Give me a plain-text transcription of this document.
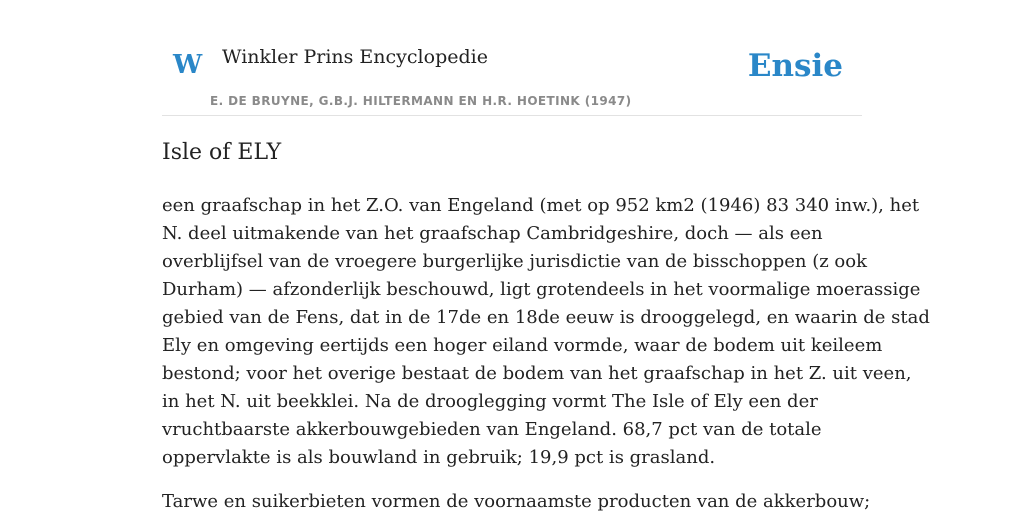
W Winkler Prins Encyclopedie
E. DE BRUYNE, G.B.J. HILTERMANN EN H.R. HOETINK (1947)
Ensie
Isle of ELY

een graafschap in het Z.O. van Engeland (met op 952 km2 (1946) 83 340 inw.), het
N. deel uitmakende van het graafschap Cambridgeshire, doch — als een
overblijfsel van de vroegere burgerlijke jurisdictie van de bisschoppen (z ook
Durham) — afzonderlijk beschouwd, ligt grotendeels in het voormalige moerassige
gebied van de Fens, dat in de 17de en 18de eeuw is drooggelegd, en waarin de stad
Ely en omgeving eertijds een hoger eiland vormde, waar de bodem uit keileem
bestond; voor het overige bestaat de bodem van het graafschap in het Z. uit veen,
in het N. uit beekklei. Na de drooglegging vormt The Isle of Ely een der
vruchtbaarste akkerbouwgebieden van Engeland. 68,7 pct van de totale
oppervlakte is als bouwland in gebruik; 19,9 pct is grasland.

Tarwe en suikerbieten vormen de voornaamste producten van de akkerbouw;
